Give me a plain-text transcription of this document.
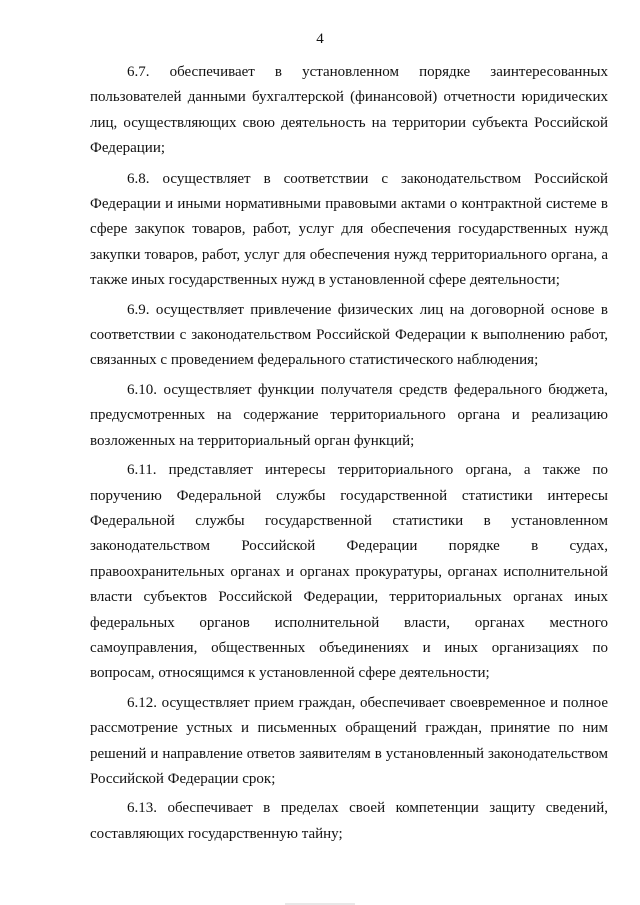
4

6.7. обеспечивает в установленном порядке заинтересованных пользователей данными бухгалтерской (финансовой) отчетности юридических лиц, осуществляющих свою деятельность на территории субъекта Российской Федерации;

6.8. осуществляет в соответствии с законодательством Российской Федерации и иными нормативными правовыми актами о контрактной системе в сфере закупок товаров, работ, услуг для обеспечения государственных нужд закупки товаров, работ, услуг для обеспечения нужд территориального органа, а также иных государственных нужд в установленной сфере деятельности;

6.9. осуществляет привлечение физических лиц на договорной основе в соответствии с законодательством Российской Федерации к выполнению работ, связанных с проведением федерального статистического наблюдения;

6.10. осуществляет функции получателя средств федерального бюджета, предусмотренных на содержание территориального органа и реализацию возложенных на территориальный орган функций;

6.11. представляет интересы территориального органа, а также по поручению Федеральной службы государственной статистики интересы Федеральной службы государственной статистики в установленном законодательством Российской Федерации порядке в судах, правоохранительных органах и органах прокуратуры, органах исполнительной власти субъектов Российской Федерации, территориальных органах иных федеральных органов исполнительной власти, органах местного самоуправления, общественных объединениях и иных организациях по вопросам, относящимся к установленной сфере деятельности;

6.12. осуществляет прием граждан, обеспечивает своевременное и полное рассмотрение устных и письменных обращений граждан, принятие по ним решений и направление ответов заявителям в установленный законодательством Российской Федерации срок;

6.13. обеспечивает в пределах своей компетенции защиту сведений, составляющих государственную тайну;
